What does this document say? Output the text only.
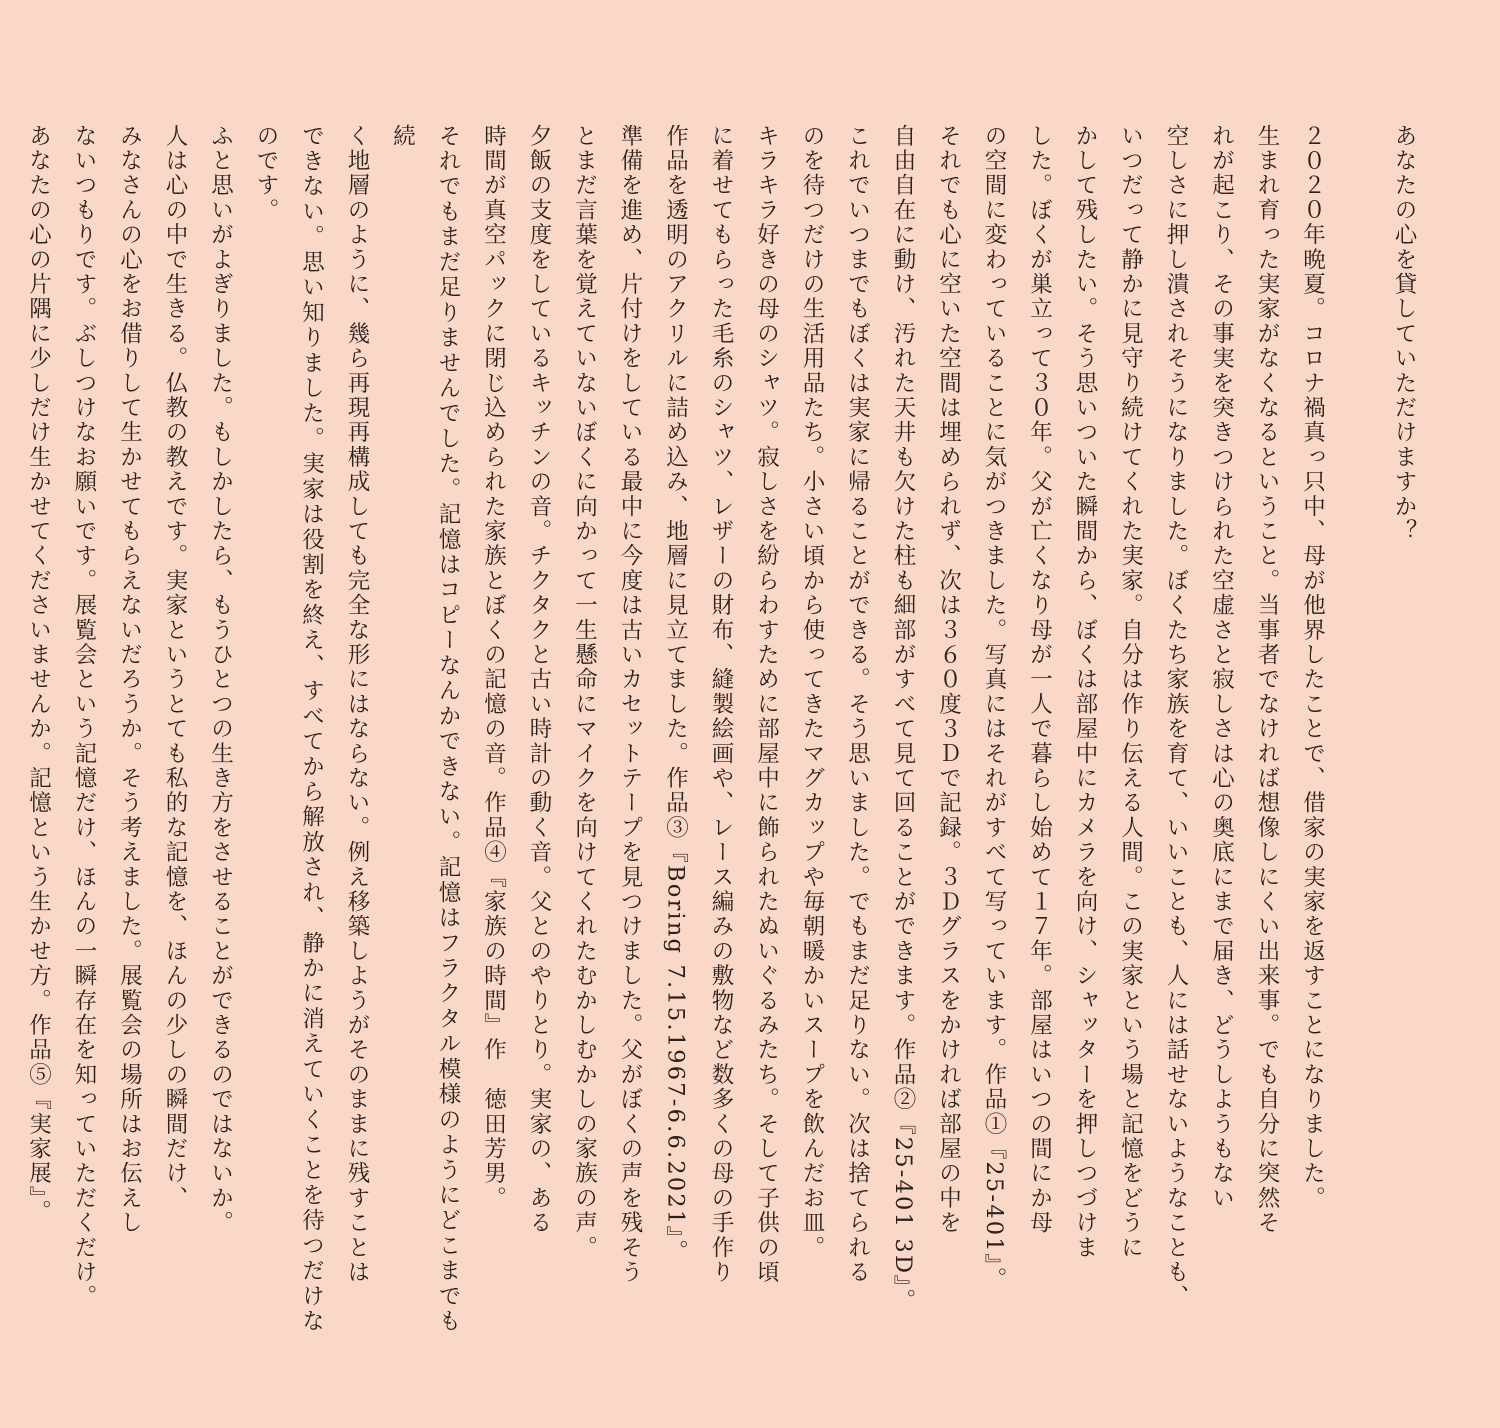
あなたの心を貸していただけますか？
２０２０年晩夏。コロナ禍真っ只中、母が他界したことで、借家の実家を返すことになりました。
生まれ育った実家がなくなるということ。当事者でなければ想像しにくい出来事。でも自分に突然そ
れが起こり、その事実を突きつけられた空虚さと寂しさは心の奥底にまで届き、どうしようもない
空しさに押し潰されそうになりました。ぼくたち家族を育て、いいことも、人には話せないようなことも、
いつだって静かに見守り続けてくれた実家。自分は作り伝える人間。この実家という場と記憶をどうに
かして残したい。そう思いついた瞬間から、ぼくは部屋中にカメラを向け、シャッターを押しつづけま
した。ぼくが巣立って３０年。父が亡くなり母が一人で暮らし始めて１７年。部屋はいつの間にか母
の空間に変わっていることに気がつきました。写真にはそれがすべて写っています。作品①『25-401』。
それでも心に空いた空間は埋められず、次は３６０度３Ｄで記録。３Ｄグラスをかければ部屋の中を
自由自在に動け、汚れた天井も欠けた柱も細部がすべて見て回ることができます。作品②『25-401 3D』。
これでいつまでもぼくは実家に帰ることができる。そう思いました。でもまだ足りない。次は捨てられる
のを待つだけの生活用品たち。小さい頃から使ってきたマグカップや毎朝暖かいスープを飲んだお皿。
キラキラ好きの母のシャツ。寂しさを紛らわすために部屋中に飾られたぬいぐるみたち。そして子供の頃
に着せてもらった毛糸のシャツ、レザーの財布、縫製絵画や、レース編みの敷物など数多くの母の手作り
作品を透明のアクリルに詰め込み、地層に見立てました。作品③『Boring 7.15.1967-6.6.2021』。
準備を進め、片付けをしている最中に今度は古いカセットテープを見つけました。父がぼくの声を残そう
とまだ言葉を覚えていないぼくに向かって一生懸命にマイクを向けてくれたむかしむかしの家族の声。
夕飯の支度をしているキッチンの音。チクタクと古い時計の動く音。父とのやりとり。実家の、ある
時間が真空パックに閉じ込められた家族とぼくの記憶の音。作品④『家族の時間』作　徳田芳男。
それでもまだ足りませんでした。記憶はコピーなんかできない。記憶はフラクタル模様のようにどこまでも続
く地層のように、幾ら再現再構成しても完全な形にはならない。例え移築しようがそのままに残すことは
できない。思い知りました。実家は役割を終え、すべてから解放され、静かに消えていくことを待つだけなのです。
ふと思いがよぎりました。もしかしたら、もうひとつの生き方をさせることができるのではないか。
人は心の中で生きる。仏教の教えです。実家というとても私的な記憶を、ほんの少しの瞬間だけ、
みなさんの心をお借りして生かせてもらえないだろうか。そう考えました。展覧会の場所はお伝えし
ないつもりです。ぶしつけなお願いです。展覧会という記憶だけ、ほんの一瞬存在を知っていただくだけ。
あなたの心の片隅に少しだけ生かせてくださいませんか。記憶という生かせ方。作品⑤『実家展』。
